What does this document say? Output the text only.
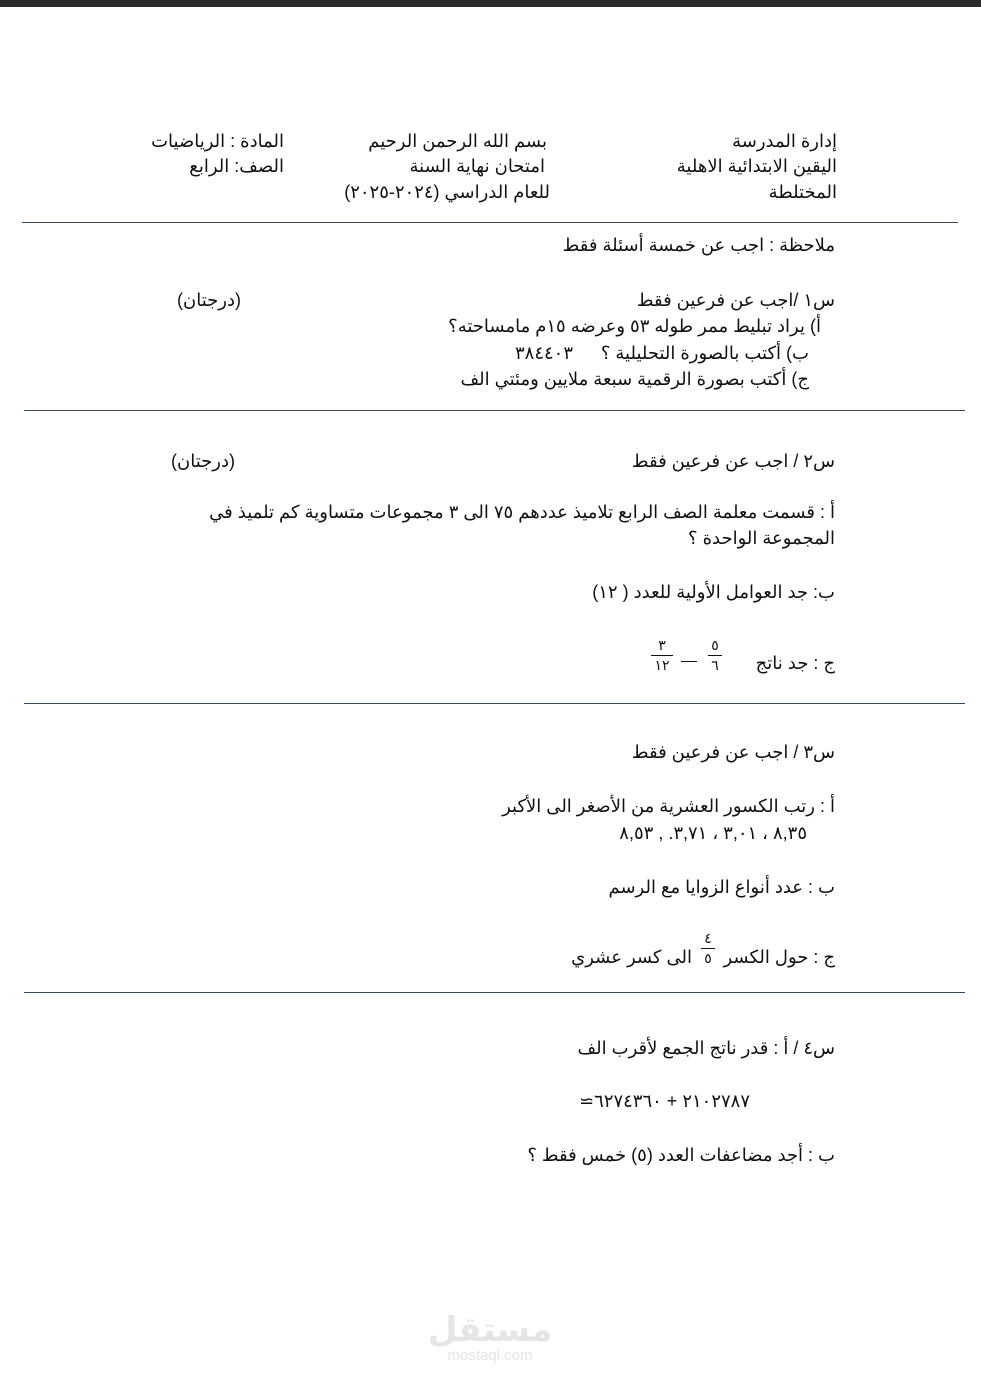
إدارة المدرسة
اليقين الابتدائية الاهلية
المختلطة
بسم الله الرحمن الرحيم
امتحان نهاية السنة
للعام الدراسي (٢٠٢٤-٢٠٢٥)
المادة : الرياضيات
الصف: الرابع
ملاحظة : اجب عن خمسة أسئلة فقط
س١ /اجب عن فرعين فقط
(درجتان)
أ) يراد تبليط ممر طوله ٥٣ وعرضه ١٥م مامساحته؟
ب) أكتب بالصورة التحليلية ؟
٣٨٤٤٠٣
ج) أكتب بصورة الرقمية سبعة ملايين ومئتي الف
س٢ / اجب عن فرعين فقط
(درجتان)
أ : قسمت معلمة الصف الرابع تلاميذ عددهم ٧٥ الى ٣ مجموعات متساوية كم تلميذ في
المجموعة الواحدة ؟
ب: جد العوامل الأولية للعدد ( ١٢)
ج : جد ناتج
٥
٦
٣
١٢
س٣ / اجب عن فرعين فقط
أ : رتب الكسور العشرية من الأصغر الى الأكبر
٨,٣٥ ، ٣,٠١ ، ٣,٧١. , ٨,٥٣
ب : عدد أنواع الزوايا مع الرسم
ج : حول الكسر
٤
٥
الى كسر عشري
س٤ / أ : قدر ناتج الجمع لأقرب الف
٢١٠٢٧٨٧ + ٦٢٧٤٣٦٠≃
ب : أجد مضاعفات العدد (٥) خمس فقط ؟
مستقل
mostaql.com
